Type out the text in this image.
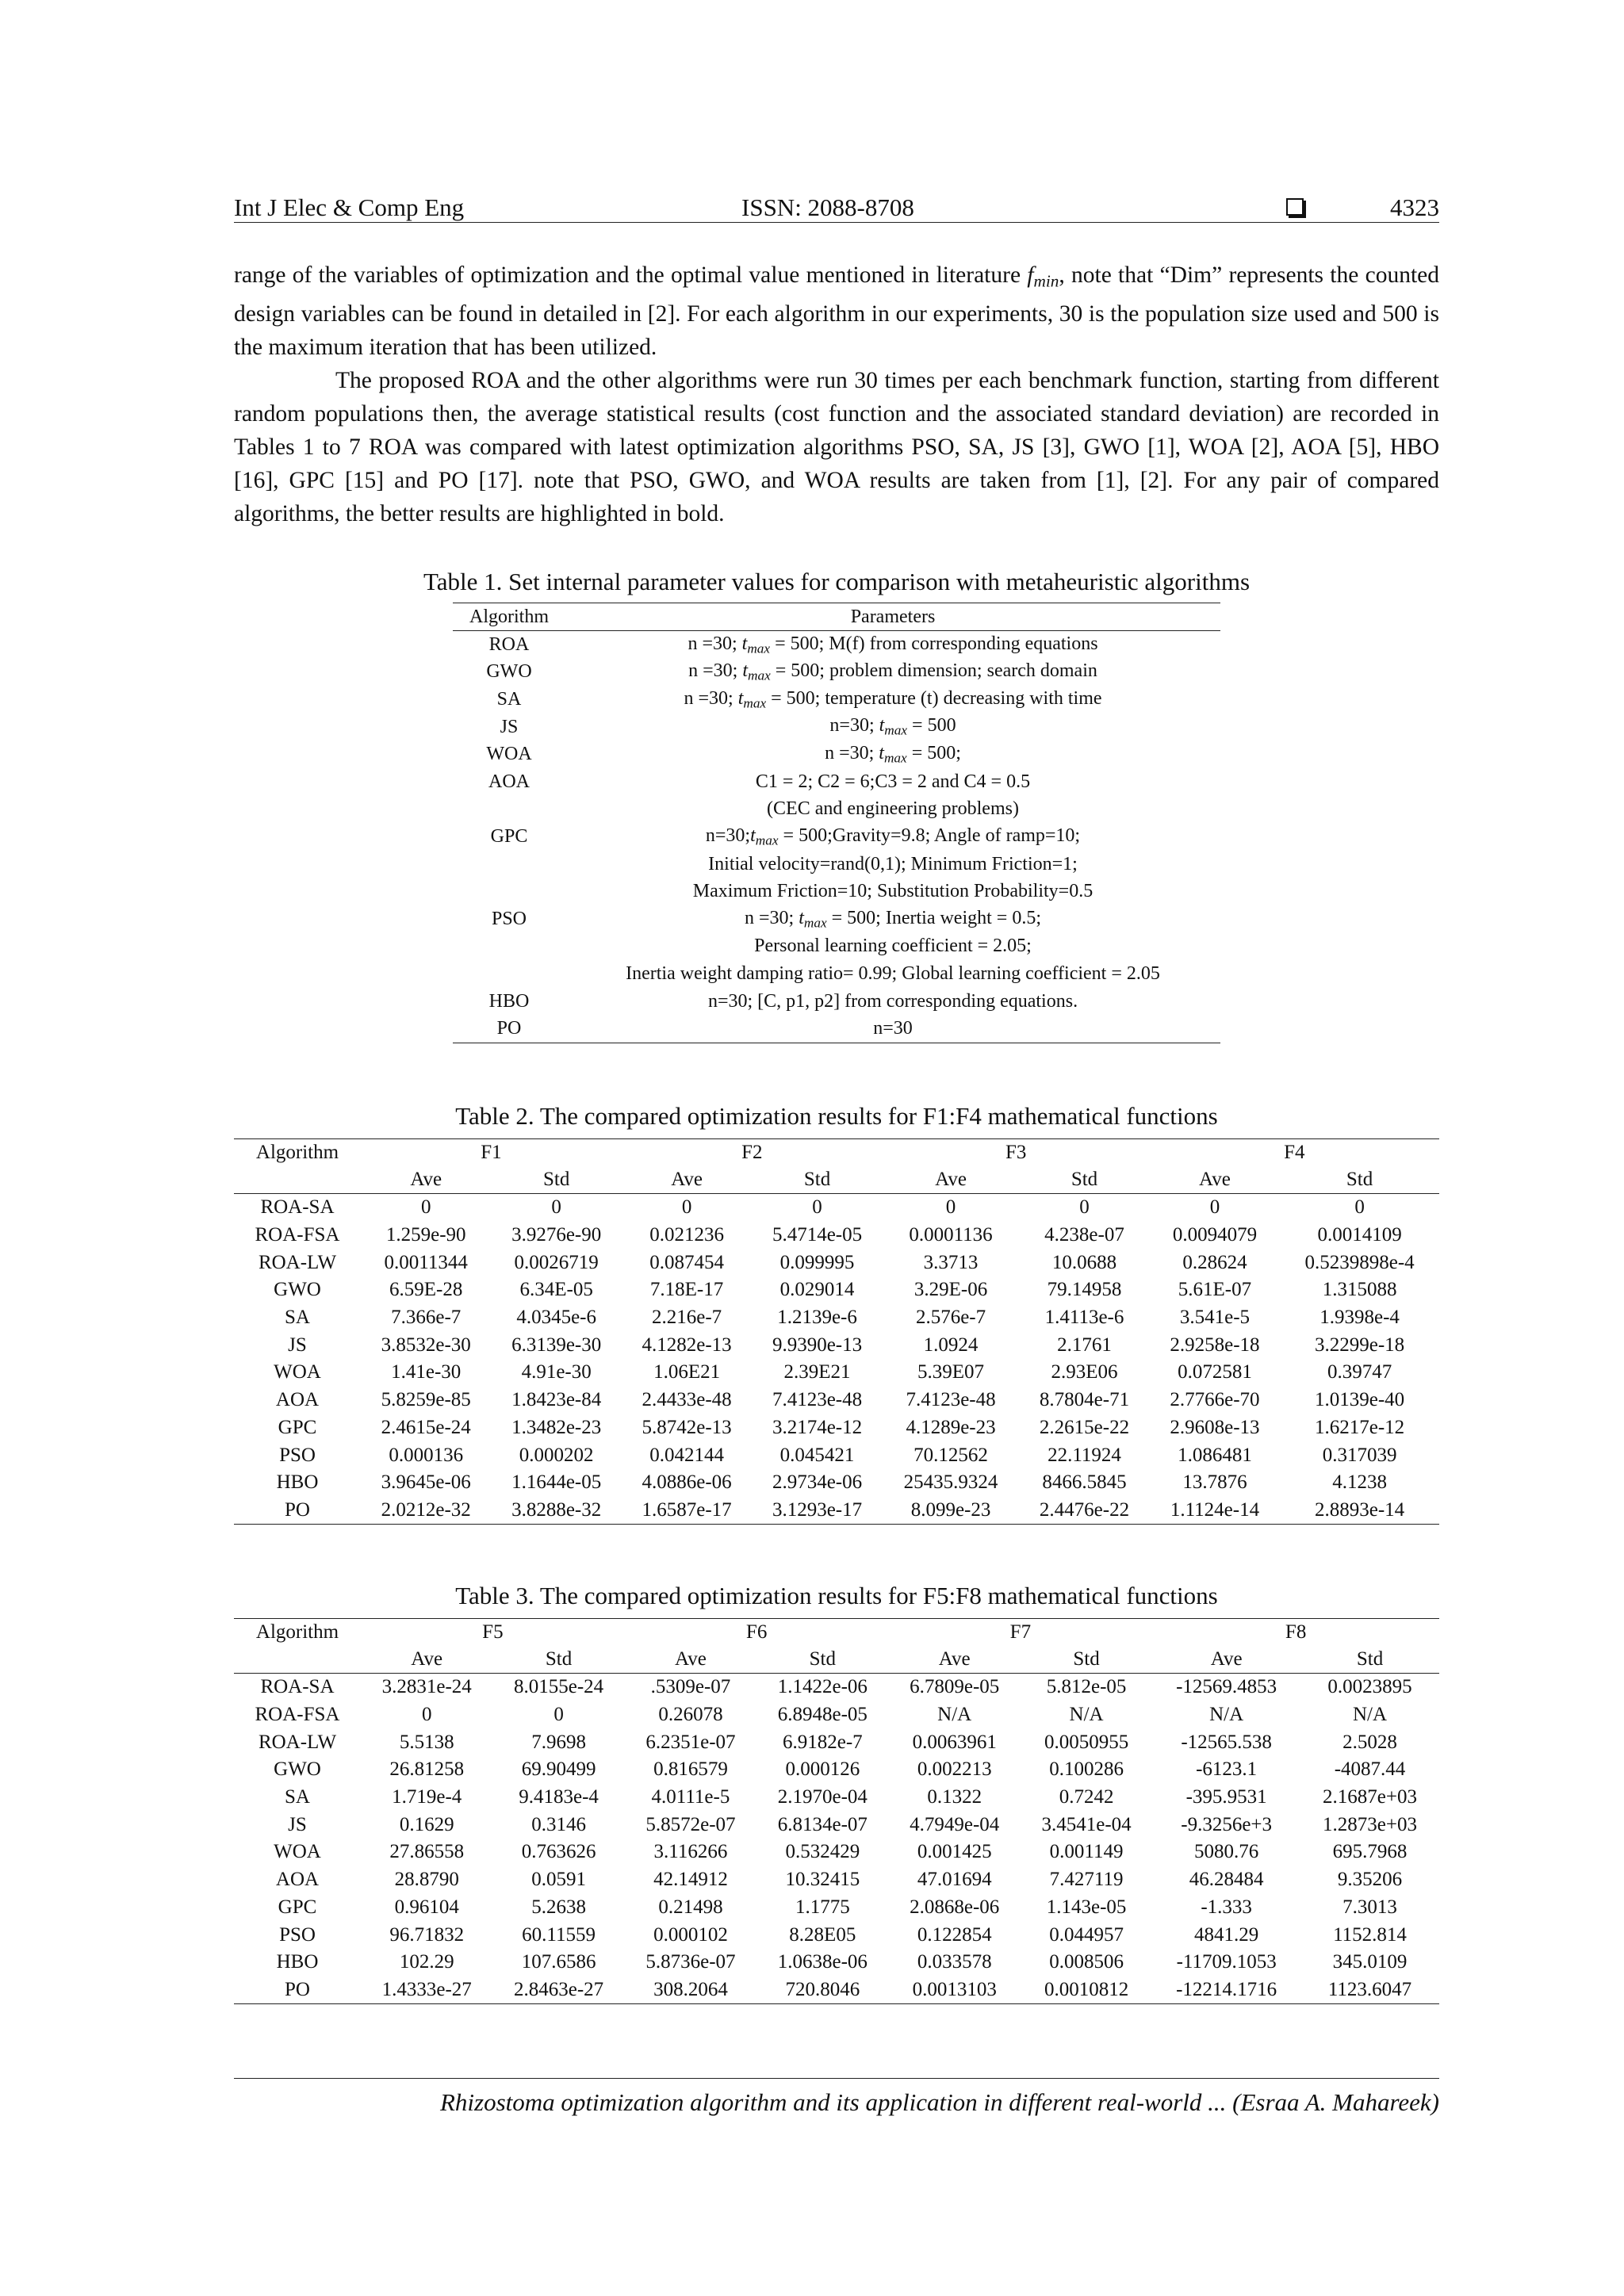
Int J Elec & Comp Eng	ISSN: 2088-8708	4323

range of the variables of optimization and the optimal value mentioned in literature $f_{min}$, note that “Dim” represents the counted design variables can be found in detailed in [2]. For each algorithm in our experiments, 30 is the population size used and 500 is the maximum iteration that has been utilized.

The proposed ROA and the other algorithms were run 30 times per each benchmark function, starting from different random populations then, the average statistical results (cost function and the associated standard deviation) are recorded in Tables 1 to 7 ROA was compared with latest optimization algorithms PSO, SA, JS [3], GWO [1], WOA [2], AOA [5], HBO [16], GPC [15] and PO [17]. note that PSO, GWO, and WOA results are taken from [1], [2]. For any pair of compared algorithms, the better results are highlighted in bold.

Table 1. Set internal parameter values for comparison with metaheuristic algorithms
Algorithm	Parameters
ROA	n =30; $t_{max} = 500$; M(f) from corresponding equations
GWO	n =30; $t_{max} = 500$; problem dimension; search domain
SA	n =30; $t_{max} = 500$; temperature (t) decreasing with time
JS	n=30; $t_{max} = 500$
WOA	n =30; $t_{max} = 500$;
AOA	C1 = 2; C2 = 6;C3 = 2 and C4 = 0.5
	(CEC and engineering problems)
GPC	$n=30;t_{max}$ = 500;Gravity=9.8; Angle of ramp=10;
	Initial velocity=rand(0,1); Minimum Friction=1;
	Maximum Friction=10; Substitution Probability=0.5
PSO	n =30; $t_{max} = 500$; Inertia weight = 0.5;
	Personal learning coefficient = 2.05;
	Inertia weight damping ratio= 0.99; Global learning coefficient = 2.05
HBO	n=30; [C, p1, p2] from corresponding equations.
PO	n=30
Table 2. The compared optimization results for F1:F4 mathematical functions
Algorithm	F1		F2		F3		F4	
	Ave	Std	Ave	Std	Ave	Std	Ave	Std
ROA-SA	0	0	0	0	0	0	0	0
ROA-FSA	1.259e-90	3.9276e-90	0.021236	5.4714e-05	0.0001136	4.238e-07	0.0094079	0.0014109
ROA-LW	0.0011344	0.0026719	0.087454	0.099995	3.3713	10.0688	0.28624	0.5239898e-4
GWO	6.59E-28	6.34E-05	7.18E-17	0.029014	3.29E-06	79.14958	5.61E-07	1.315088
SA	7.366e-7	4.0345e-6	2.216e-7	1.2139e-6	2.576e-7	1.4113e-6	3.541e-5	1.9398e-4
JS	3.8532e-30	6.3139e-30	4.1282e-13	9.9390e-13	1.0924	2.1761	2.9258e-18	3.2299e-18
WOA	1.41e-30	4.91e-30	1.06E21	2.39E21	5.39E07	2.93E06	0.072581	0.39747
AOA	5.8259e-85	1.8423e-84	2.4433e-48	7.4123e-48	7.4123e-48	8.7804e-71	2.7766e-70	1.0139e-40
GPC	2.4615e-24	1.3482e-23	5.8742e-13	3.2174e-12	4.1289e-23	2.2615e-22	2.9608e-13	1.6217e-12
PSO	0.000136	0.000202	0.042144	0.045421	70.12562	22.11924	1.086481	0.317039
HBO	3.9645e-06	1.1644e-05	4.0886e-06	2.9734e-06	25435.9324	8466.5845	13.7876	4.1238
PO	2.0212e-32	3.8288e-32	1.6587e-17	3.1293e-17	8.099e-23	2.4476e-22	1.1124e-14	2.8893e-14
Table 3. The compared optimization results for F5:F8 mathematical functions
Algorithm	F5		F6		F7		F8	
	Ave	Std	Ave	Std	Ave	Std	Ave	Std
ROA-SA	3.2831e-24	8.0155e-24	.5309e-07	1.1422e-06	6.7809e-05	5.812e-05	-12569.4853	0.0023895
ROA-FSA	0	0	0.26078	6.8948e-05	N/A	N/A	N/A	N/A
ROA-LW	5.5138	7.9698	6.2351e-07	6.9182e-7	0.0063961	0.0050955	-12565.538	2.5028
GWO	26.81258	69.90499	0.816579	0.000126	0.002213	0.100286	-6123.1	-4087.44
SA	1.719e-4	9.4183e-4	4.0111e-5	2.1970e-04	0.1322	0.7242	-395.9531	2.1687e+03
JS	0.1629	0.3146	5.8572e-07	6.8134e-07	4.7949e-04	3.4541e-04	-9.3256e+3	1.2873e+03
WOA	27.86558	0.763626	3.116266	0.532429	0.001425	0.001149	5080.76	695.7968
AOA	28.8790	0.0591	42.14912	10.32415	47.01694	7.427119	46.28484	9.35206
GPC	0.96104	5.2638	0.21498	1.1775	2.0868e-06	1.143e-05	-1.333	7.3013
PSO	96.71832	60.11559	0.000102	8.28E05	0.122854	0.044957	4841.29	1152.814
HBO	102.29	107.6586	5.8736e-07	1.0638e-06	0.033578	0.008506	-11709.1053	345.0109
PO	1.4333e-27	2.8463e-27	308.2064	720.8046	0.0013103	0.0010812	-12214.1716	1123.6047
Rhizostoma optimization algorithm and its application in different real-world ... (Esraa A. Mahareek)
